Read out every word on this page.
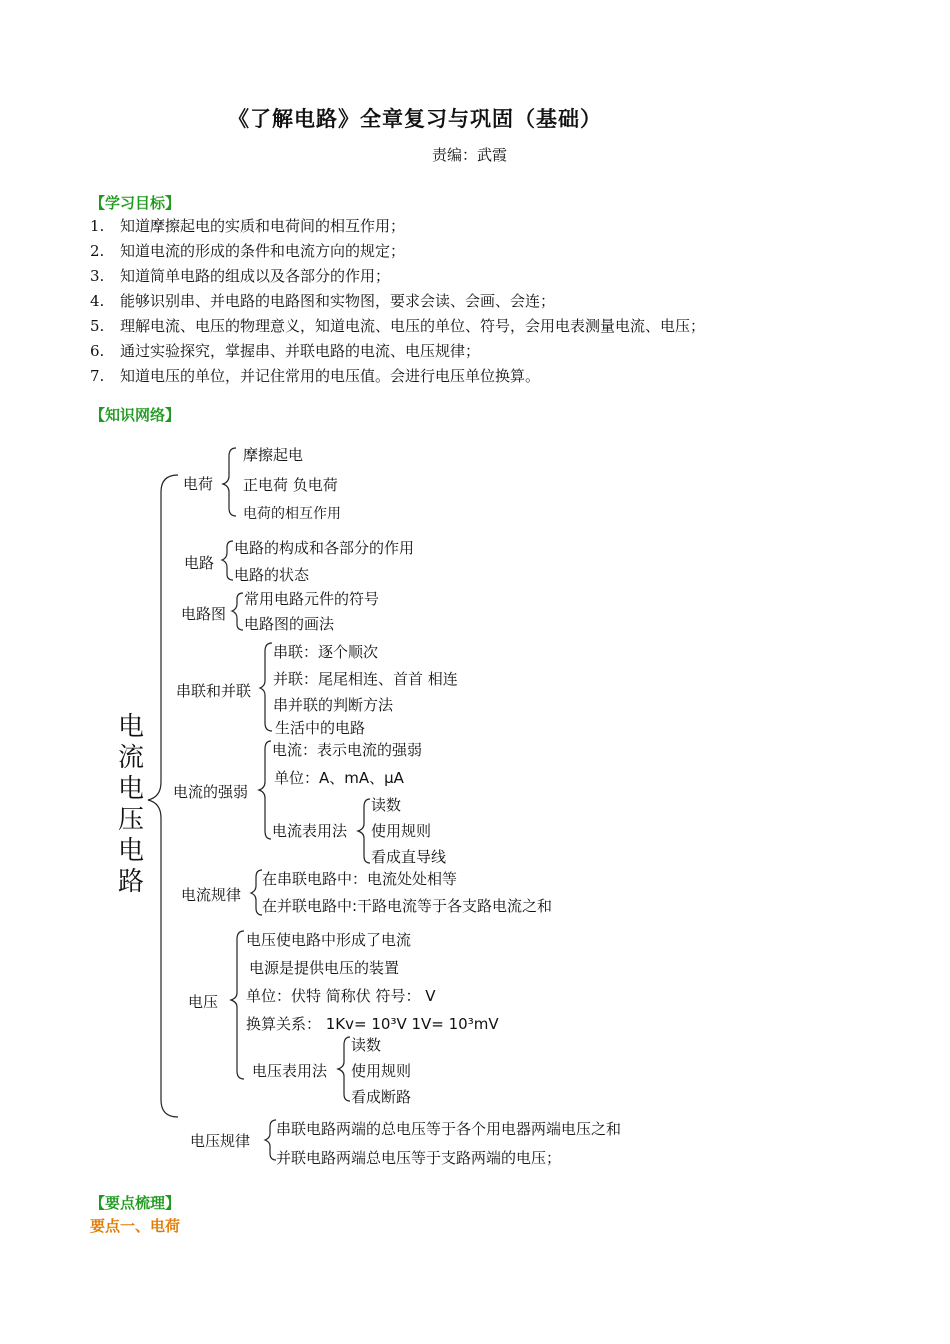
《了解电路》全章复习与巩固（基础）
责编：武霞
【学习目标】
1. 知道摩擦起电的实质和电荷间的相互作用；
2. 知道电流的形成的条件和电流方向的规定；
3. 知道简单电路的组成以及各部分的作用；
4. 能够识别串、并电路的电路图和实物图，要求会读、会画、会连；
5. 理解电流、电压的物理意义，知道电流、电压的单位、符号，会用电表测量电流、电压；
6. 通过实验探究，掌握串、并联电路的电流、电压规律；
7. 知道电压的单位，并记住常用的电压值。会进行电压单位换算。
【知识网络】
电流电压电路
电荷
摩擦起电
正电荷 负电荷
电荷的相互作用
电路
电路的构成和各部分的作用
电路的状态
电路图
常用电路元件的符号
电路图的画法
串联和并联
串联：逐个顺次
并联：尾尾相连、首首 相连
串并联的判断方法
生活中的电路
电流的强弱
电流：表示电流的强弱
单位：A、mA、μA
电流表用法
读数
使用规则
看成直导线
电流规律
在串联电路中：电流处处相等
在并联电路中:干路电流等于各支路电流之和
电压
电压使电路中形成了电流
电源是提供电压的装置
单位：伏特 简称伏 符号： V
换算关系： 1Kv= 10³V 1V= 10³mV
电压表用法
读数
使用规则
看成断路
电压规律
串联电路两端的总电压等于各个用电器两端电压之和
并联电路两端总电压等于支路两端的电压；
【要点梳理】
要点一、电荷
